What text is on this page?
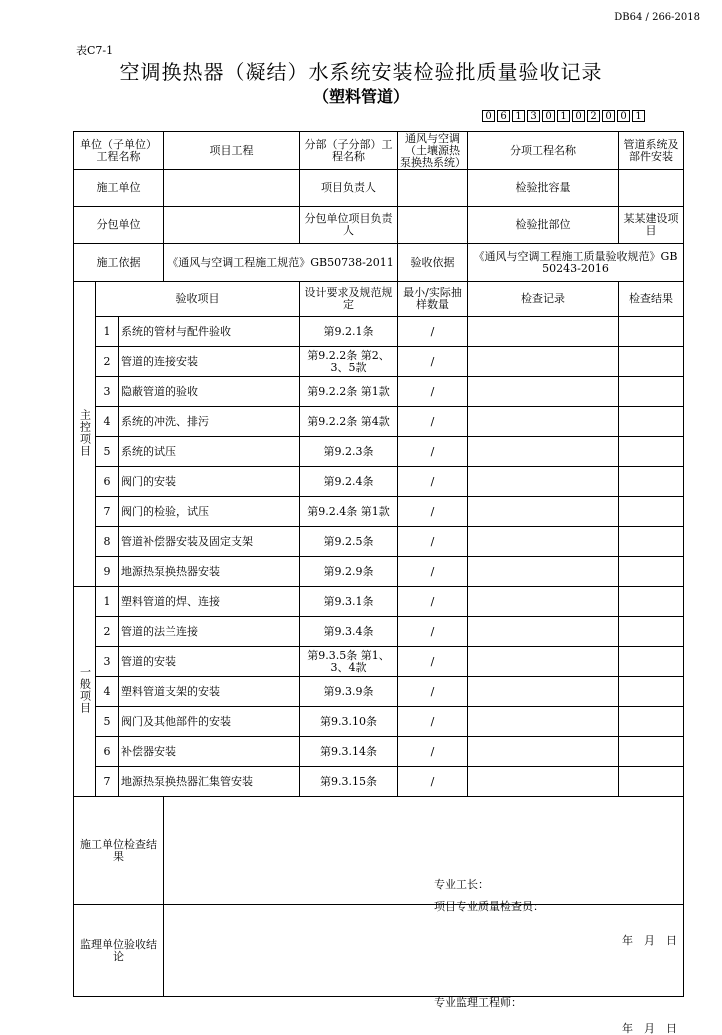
DB64 / 266-2018
表C7-1
空调换热器（凝结）水系统安装检验批质量验收记录
（塑料管道）
0 6 1 3 0 1 0 2 0 0 1
单位（子单位）工程名称			项目工程	分部（子分部）工程名称	通风与空调（土壤源热泵换热系统）	分项工程名称	管道系统及部件安装
施工单位				项目负责人		检验批容量	
分包单位				分包单位项目负责人		检验批部位	某某建设项目
施工依据			《通风与空调工程施工规范》GB50738-2011		验收依据	《通风与空调工程施工质量验收规范》GB 50243-2016	
主控项目	验收项目			设计要求及规范规定	最小/实际抽样数量	检查记录	检查结果
	1	系统的管材与配件验收		第9.2.1条	/		
	2	管道的连接安装		第9.2.2条 第2、3、5款	/		
	3	隐蔽管道的验收		第9.2.2条 第1款	/		
	4	系统的冲洗、排污		第9.2.2条 第4款	/		
	5	系统的试压		第9.2.3条	/		
	6	阀门的安装		第9.2.4条	/		
	7	阀门的检验，试压		第9.2.4条 第1款	/		
	8	管道补偿器安装及固定支架		第9.2.5条	/		
	9	地源热泵换热器安装		第9.2.9条	/		
一般项目	1	塑料管道的焊、连接		第9.3.1条	/		
	2	管道的法兰连接		第9.3.4条	/		
	3	管道的安装		第9.3.5条 第1、3、4款	/		
	4	塑料管道支架的安装		第9.3.9条	/		
	5	阀门及其他部件的安装		第9.3.10条	/		
	6	补偿器安装		第9.3.14条	/		
	7	地源热泵换热器汇集管安装		第9.3.15条	/		
施工单位检查结果			专业工长：
项目专业质量检查员：
年　月　日				

监理单位验收结论			专业监理工程师：
年　月　日				
